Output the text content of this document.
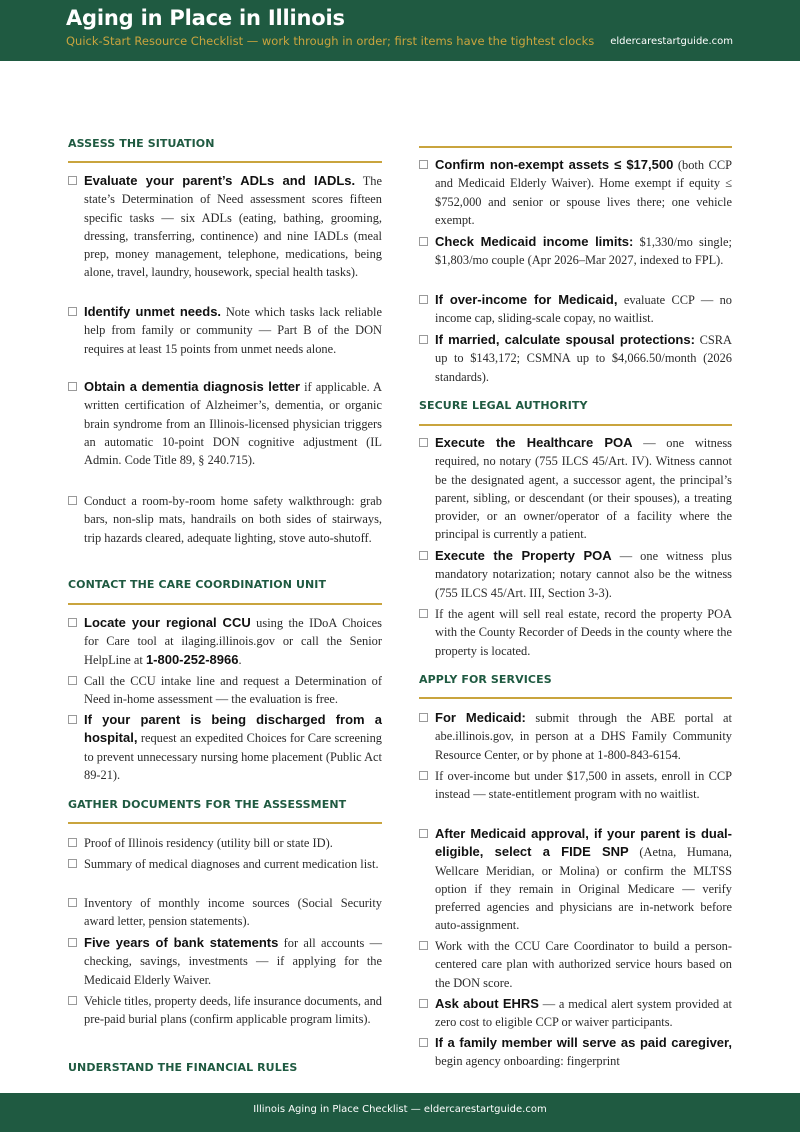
Aging in Place in Illinois
Quick-Start Resource Checklist — work through in order; first items have the tightest clocks eldercarestartguide.com
ASSESS THE SITUATION
Evaluate your parent’s ADLs and IADLs. The state’s Determination of Need assessment scores fifteen specific tasks — six ADLs (eating, bathing, grooming, dressing, transferring, continence) and nine IADLs (meal prep, money management, telephone, medications, being alone, travel, laundry, housework, special health tasks).
Identify unmet needs. Note which tasks lack reliable help from family or community — Part B of the DON requires at least 15 points from unmet needs alone.
Obtain a dementia diagnosis letter if applicable. A written certification of Alzheimer’s, dementia, or organic brain syndrome from an Illinois-licensed physician triggers an automatic 10-point DON cognitive adjustment (IL Admin. Code Title 89, § 240.715).
Conduct a room-by-room home safety walkthrough: grab bars, non-slip mats, handrails on both sides of stairways, trip hazards cleared, adequate lighting, stove auto-shutoff.
CONTACT THE CARE COORDINATION UNIT
Locate your regional CCU using the IDoA Choices for Care tool at ilaging.illinois.gov or call the Senior HelpLine at 1-800-252-8966.
Call the CCU intake line and request a Determination of Need in-home assessment — the evaluation is free.
If your parent is being discharged from a hospital, request an expedited Choices for Care screening to prevent unnecessary nursing home placement (Public Act 89-21).
GATHER DOCUMENTS FOR THE ASSESSMENT
Proof of Illinois residency (utility bill or state ID).
Summary of medical diagnoses and current medication list.
Inventory of monthly income sources (Social Security award letter, pension statements).
Five years of bank statements for all accounts — checking, savings, investments — if applying for the Medicaid Elderly Waiver.
Vehicle titles, property deeds, life insurance documents, and pre-paid burial plans (confirm applicable program limits).
UNDERSTAND THE FINANCIAL RULES
Confirm non-exempt assets ≤ $17,500 (both CCP and Medicaid Elderly Waiver). Home exempt if equity ≤ $752,000 and senior or spouse lives there; one vehicle exempt.
Check Medicaid income limits: $1,330/mo single; $1,803/mo couple (Apr 2026–Mar 2027, indexed to FPL).
If over-income for Medicaid, evaluate CCP — no income cap, sliding-scale copay, no waitlist.
If married, calculate spousal protections: CSRA up to $143,172; CSMNA up to $4,066.50/month (2026 standards).
SECURE LEGAL AUTHORITY
Execute the Healthcare POA — one witness required, no notary (755 ILCS 45/Art. IV). Witness cannot be the designated agent, a successor agent, the principal’s parent, sibling, or descendant (or their spouses), a treating provider, or an owner/operator of a facility where the principal is currently a patient.
Execute the Property POA — one witness plus mandatory notarization; notary cannot also be the witness (755 ILCS 45/Art. III, Section 3-3).
If the agent will sell real estate, record the property POA with the County Recorder of Deeds in the county where the property is located.
APPLY FOR SERVICES
For Medicaid: submit through the ABE portal at abe.illinois.gov, in person at a DHS Family Community Resource Center, or by phone at 1-800-843-6154.
If over-income but under $17,500 in assets, enroll in CCP instead — state-entitlement program with no waitlist.
After Medicaid approval, if your parent is dual-eligible, select a FIDE SNP (Aetna, Humana, Wellcare Meridian, or Molina) or confirm the MLTSS option if they remain in Original Medicare — verify preferred agencies and physicians are in-network before auto-assignment.
Work with the CCU Care Coordinator to build a person-centered care plan with authorized service hours based on the DON score.
Ask about EHRS — a medical alert system provided at zero cost to eligible CCP or waiver participants.
If a family member will serve as paid caregiver, begin agency onboarding: fingerprint
Illinois Aging in Place Checklist — eldercarestartguide.com
